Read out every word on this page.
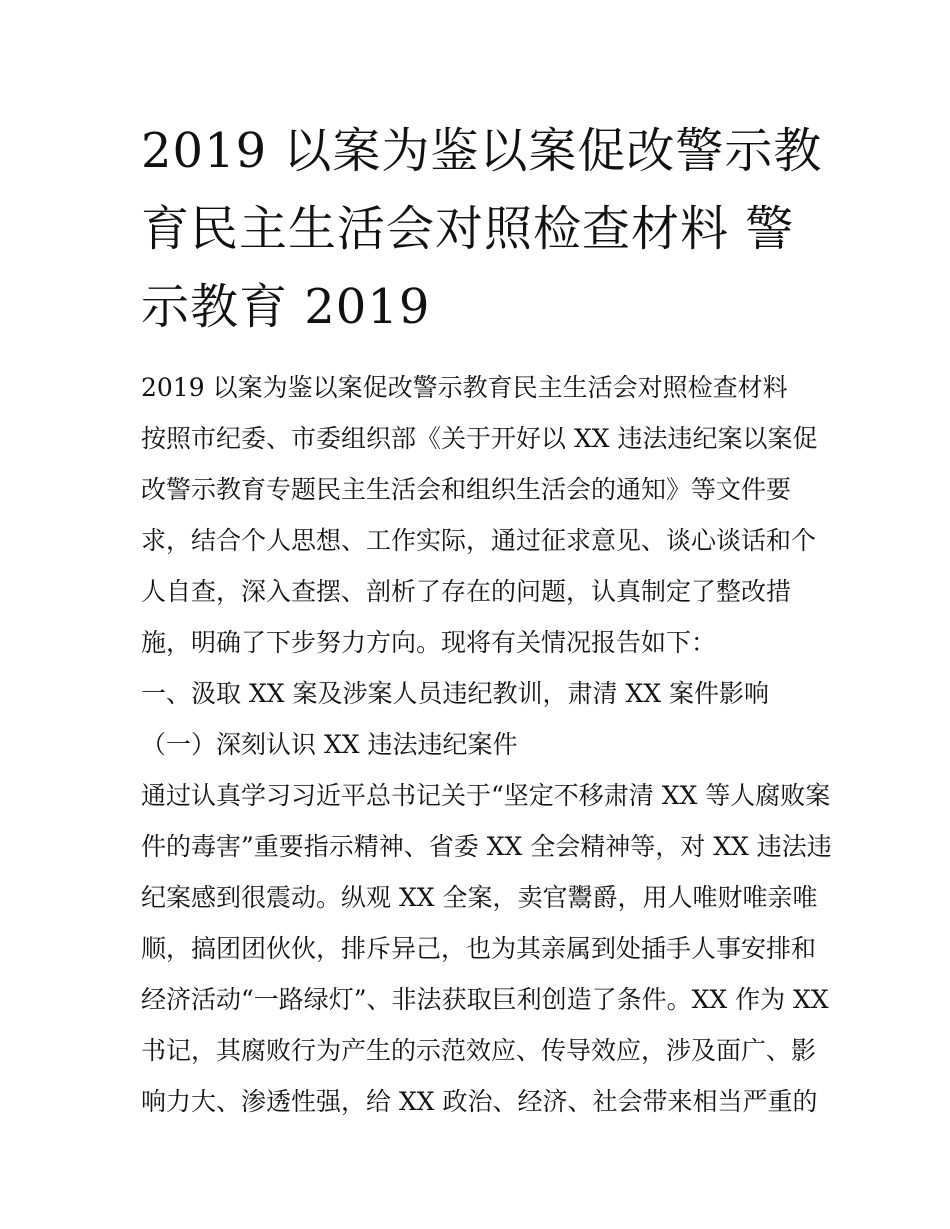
2019 以案为鉴以案促改警示教
育民主生活会对照检查材料 警
示教育 2019

2019 以案为鉴以案促改警示教育民主生活会对照检查材料

按照市纪委、市委组织部《关于开好以 XX 违法违纪案以案促

改警示教育专题民主生活会和组织生活会的通知》等文件要

求，结合个人思想、工作实际，通过征求意见、谈心谈话和个

人自查，深入查摆、剖析了存在的问题，认真制定了整改措

施，明确了下步努力方向。现将有关情况报告如下：

一、汲取 XX 案及涉案人员违纪教训，肃清 XX 案件影响

（一）深刻认识 XX 违法违纪案件

通过认真学习习近平总书记关于“坚定不移肃清 XX 等人腐败案

件的毒害”重要指示精神、省委 XX 全会精神等，对 XX 违法违

纪案感到很震动。纵观 XX 全案，卖官鬻爵，用人唯财唯亲唯

顺，搞团团伙伙，排斥异己，也为其亲属到处插手人事安排和

经济活动“一路绿灯”、非法获取巨利创造了条件。XX 作为 XX

书记，其腐败行为产生的示范效应、传导效应，涉及面广、影

响力大、渗透性强，给 XX 政治、经济、社会带来相当严重的
